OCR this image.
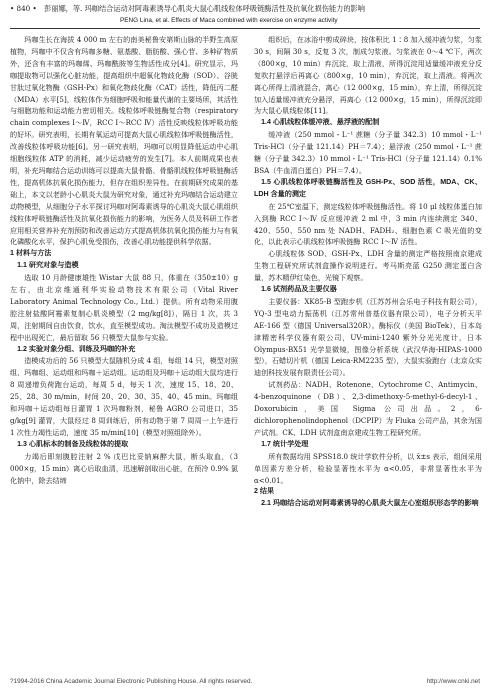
• 840 • 彭丽娜，等. 玛咖结合运动对阿毒素诱导心肌炎大鼠心肌线粒体呼吸链酶活性及抗氧化损伤能力的影响
PENG Lina, et al. Effects of Maca combined with exercise on enzyme activity

玛咖生长在海拔 4 000 m 左右的南美秘鲁安第斯山脉的半野生高原植物，玛咖中不仅含有玛咖多糖、氨基酸、脂肪酸、强心苷、多种矿物质外，还含有丰富的玛咖烯、玛咖酰胺等生物活性成分[4]。研究显示，玛咖提取物可以强化心脏功能，提高组织中超氧化物歧化酶（SOD）、谷胱甘肽过氧化物酶（GSH-Px）和氧化物歧化酶（CAT）活性，降低丙二醛（MDA）水平[5]，线粒体作为细胞呼吸和能量代谢的主要场所，其活性与细胞功能和运动能力密切相关。线粒体呼吸链酶复合物（respiratory chain complexes Ⅰ～Ⅳ，RCC Ⅰ～RCC Ⅳ）活性反映线粒体呼吸功能的好坏。研究表明，长期有氧运动可提高大鼠心肌线粒体呼吸链酶活性，改善线粒体呼吸功能[6]。另一研究表明，玛咖可以明显降低运动中心肌细胞线粒体 ATP 的消耗，减少运动疲劳的发生[7]。本人前期成果也表明，补充玛咖结合运动训练可以提高大鼠骨骼、骨骼肌线粒体呼吸链酶活性，提高机体抗氧化损伤能力，但存在组织差异性。在前期研究成果的基础上，本文以老龄小心肌炎大鼠为研究对象，通过补充玛咖结合运动建立动物模型，从细胞分子水平探讨玛咖对阿毒素诱导的心肌炎大鼠心肌组织线粒体呼吸链酶活性及抗氧化损伤能力的影响，为医务人员及科研工作者应用相关营养补充剂预防和改善运动方式提高机体抗氧化损伤能力与有氧化磷酸化水平，保护心肌免受损伤，改善心肌功能提供科学依据。

1 材料与方法

1.1 研究对象与造模

选取 10 月龄健康雄性 Wistar 大鼠 88 只，体重在（350±10）g 左右，由北京维通利华实验动物技术有限公司（Vital River Laboratory Animal Technology Co., Ltd.）提供。所有动物采用腹腔注射盐酸阿霉素复制心肌炎模型（2 mg/kg[8]），隔日 1 次，共 3 周，注射期间自由饮食，饮水，直至模型成功。淘汰模型不成功及造模过程中出现死亡，最后留取 56 只模型大鼠参与实验。

1.2 实验对象分组、训练及玛咖的补充

造模成功后的 56 只模型大鼠随机分成 4 组，每组 14 只，模型对照组、玛咖组、运动组和玛咖＋运动组。运动组及玛咖＋运动组大鼠均进行 8 周递增负荷跑台运动，每周 5 d，每天 1 次，速度 15、18、20、25、28、30 m/min，时间 20、20、30、35、40、45 min。玛咖组和玛咖＋运动组每日灌胃 1 次玛咖粉剂，秘鲁 AGRO 公司进口，35 g/kg[9] 灌胃，大鼠经过 8 周训练后，所有动物于第 7 周周一上午进行 1 次性力竭性运动，速度 35 m/min[10]（模型对照组除外）。

1.3 心肌标本的制备及线粒体的提取

力竭后即刻腹腔注射 2 % 戊巴比妥钠麻醉大鼠，断头取血，（3 000×g，15 min）离心后取血清，迅速解剖取出心脏，在预冷 0.9% 氯化钠中，除去结缔

组织后，在冰浴中剪成碎块，按体积比 1∶8 加入缓冲液匀浆，匀浆 30 s，间隔 30 s，反复 3 次，制成匀浆液。匀浆液在 0～4 ℃下，两次（800×g，10 min）弃沉淀，取上清液，所得沉淀用适量缓冲液充分反复吹打悬浮后再离心（800×g，10 min），弃沉淀，取上清液。将两次离心所得上清液混合，离心（12 000×g，15 min），弃上清，所得沉淀加入适量缓冲液充分悬浮，再离心（12 000×g，15 min），所得沉淀即为大鼠心肌线粒体[11]。

1.4 心肌线粒体缓冲液、悬浮液的配制

缓冲液（250 mmol・L⁻¹ 蔗糖（分子量 342.3）10 mmol・L⁻¹ Tris-HCl（分子量 121.14）PH＝7.4）；悬浮液（250 mmol・L⁻¹ 蔗糖（分子量 342.3）10 mmol・L⁻¹ Tris-HCl（分子量 121.14）0.1% BSA（牛血清白蛋白）PH＝7.4）。

1.5 心肌线粒体呼吸链酶活性及 GSH-Px、SOD 活性，MDA、CK、LDH 含量的测定

在 25℃室温下，测定线粒体呼吸链酶活性。将 10 μl 线粒体蛋白加入到酶 RCC Ⅰ～Ⅳ 反应缓冲液 2 ml 中，3 min 内连续测定 340、420、550、550 nm 处 NADH、FADH₂、细胞色素 C 吸光值的变化，以此表示心肌线粒体呼吸链酶 RCC Ⅰ～Ⅳ 活性。

心肌线粒体 SOD、GSH-Px、LDH 含量的测定严格按照南京建成生物工程研究所试剂盒操作说明进行。考马斯亮蓝 G250 测定蛋白含量，苏木精伊红染色，光镜下观察。

1.6 试剂药品及主要仪器

主要仪器：XK85-B 型跑步机（江苏苏州会乐电子科技有限公司），YQ-3 型电动力振荡机（江苏常州普基仪器有限公司），电子分析天平 AE-166 型（德国 Universal320R）。酶标仪（美国 BioTek），日本岛津精密科学仪器有限公司，UV-mini-1240 紫外分光光度计，日本 Olympus-BX51 光学显微镜，图像分析系统（武汉华海-HIPAS-1000 型），石蜡切片机（德国 Leica-RM2235 型），大鼠实验跑台（北京众实迪创科技发展有限责任公司）。

试剂药品：NADH、Rotenone、Cytochrome C、Antimycin、4-benzoquinone（DB）、2,3-dimethoxy-5-methyl-6-decyl-1、Doxorubicin，美国 Sigma 公司出品。2，6-dichlorophenolindophenol（DCPIP）为 Fluka 公司产品，其余为国产试剂。CK、LDH 试剂盒南京建成生物工程研究所。

1.7 统计学处理

所有数据均用 SPSS18.0 统计学软件分析，以 x̄±s 表示，组间采用单因素方差分析，检验显著性水平为 α<0.05，非常显著性水平为 α<0.01。

2 结果

2.1 玛咖结合运动对阿毒素诱导的心肌炎大鼠左心室组织形态学的影响

?1994-2016 China Academic Journal Electronic Publishing House. All rights reserved.	http://www.cnki.net
